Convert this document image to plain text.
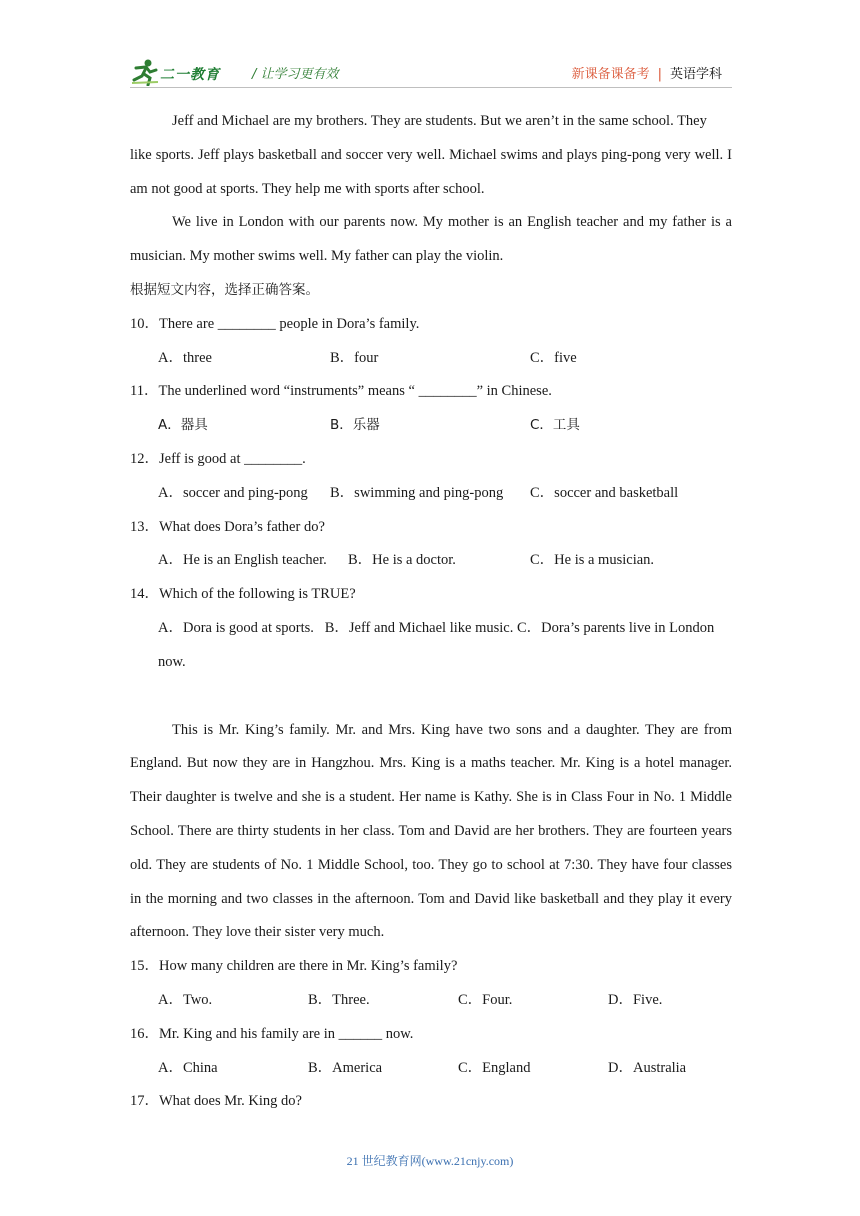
二一教育 / 让学习更有效	新课备课备考 | 英语学科

Jeff and Michael are my brothers. They are students. But we aren’t in the same school. They

like sports. Jeff plays basketball and soccer very well. Michael swims and plays ping-pong very well. I am not good at sports. They help me with sports after school.

We live in London with our parents now. My mother is an English teacher and my father is a musician. My mother swims well. My father can play the violin.

根据短文内容，选择正确答案。

10．There are ________ people in Dora’s family.

A．three	B．four	C．five

11．The underlined word “instruments” means “ ________” in Chinese.

A．器具	B．乐器	C．工具

12．Jeff is good at ________.

A．soccer and ping-pong	B．swimming and ping-pong	C．soccer and basketball

13．What does Dora’s father do?

A．He is an English teacher.	B．He is a doctor.	C．He is a musician.

14．Which of the following is TRUE?

A．Dora is good at sports.   B．Jeff and Michael like music. C．Dora’s parents live in London

now.

This is Mr. King’s family. Mr. and Mrs. King have two sons and a daughter. They are from England. But now they are in Hangzhou. Mrs. King is a maths teacher. Mr. King is a hotel manager. Their daughter is twelve and she is a student. Her name is Kathy. She is in Class Four in No. 1 Middle School. There are thirty students in her class. Tom and David are her brothers. They are fourteen years old. They are students of No. 1 Middle School, too. They go to school at 7:30. They have four classes in the morning and two classes in the afternoon. Tom and David like basketball and they play it every afternoon. They love their sister very much.

15．How many children are there in Mr. King’s family?

A．Two.	B．Three.	C．Four.	D．Five.

16．Mr. King and his family are in ______ now.

A．China	B．America	C．England	D．Australia

17．What does Mr. King do?

21 世纪教育网(www.21cnjy.com)
